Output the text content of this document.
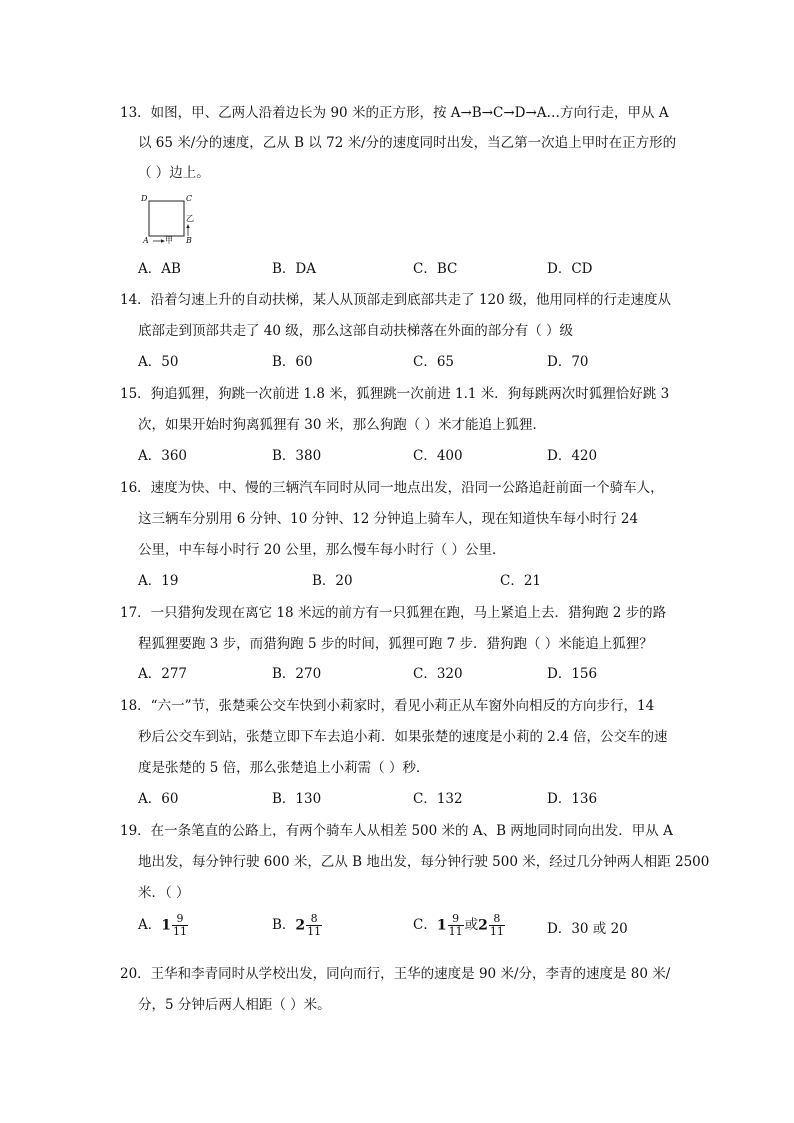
13．如图，甲、乙两人沿着边长为 90 米的正方形，按 A→B→C→D→A…方向行走，甲从 A
以 65 米/分的速度，乙从 B 以 72 米/分的速度同时出发，当乙第一次追上甲时在正方形的
（ ）边上。
D	C
A	B
甲
乙
A．AB	B．DA	C．BC	D．CD
14．沿着匀速上升的自动扶梯，某人从顶部走到底部共走了 120 级，他用同样的行走速度从
底部走到顶部共走了 40 级，那么这部自动扶梯落在外面的部分有（ ）级
A．50	B．60	C．65	D．70
15．狗追狐狸，狗跳一次前进 1.8 米，狐狸跳一次前进 1.1 米．狗每跳两次时狐狸恰好跳 3
次，如果开始时狗离狐狸有 30 米，那么狗跑（ ）米才能追上狐狸．
A．360	B．380	C．400	D．420
16．速度为快、中、慢的三辆汽车同时从同一地点出发，沿同一公路追赶前面一个骑车人，
这三辆车分别用 6 分钟、10 分钟、12 分钟追上骑车人，现在知道快车每小时行 24
公里，中车每小时行 20 公里，那么慢车每小时行（ ）公里．
A．19	B．20	C．21
17．一只猎狗发现在离它 18 米远的前方有一只狐狸在跑，马上紧追上去．猎狗跑 2 步的路
程狐狸要跑 3 步，而猎狗跑 5 步的时间，狐狸可跑 7 步．猎狗跑（ ）米能追上狐狸？
A．277	B．270	C．320	D．156
18．“六一”节，张楚乘公交车快到小莉家时，看见小莉正从车窗外向相反的方向步行，14
秒后公交车到站，张楚立即下车去追小莉．如果张楚的速度是小莉的 2.4 倍，公交车的速
度是张楚的 5 倍，那么张楚追上小莉需（ ）秒．
A．60	B．130	C．132	D．136
19．在一条笔直的公路上，有两个骑车人从相差 500 米的 A、B 两地同时同向出发．甲从 A
地出发，每分钟行驶 600 米，乙从 B 地出发，每分钟行驶 500 米，经过几分钟两人相距 2500
米．（ ）
A．$1 \frac{9}{11}$	B．$2 \frac{8}{11}$	C．$1 \frac{9}{11}$ 或$2 \frac{8}{11}$	D．30 或 20
20．王华和李青同时从学校出发，同向而行，王华的速度是 90 米/分，李青的速度是 80 米/
分，5 分钟后两人相距（ ）米。
